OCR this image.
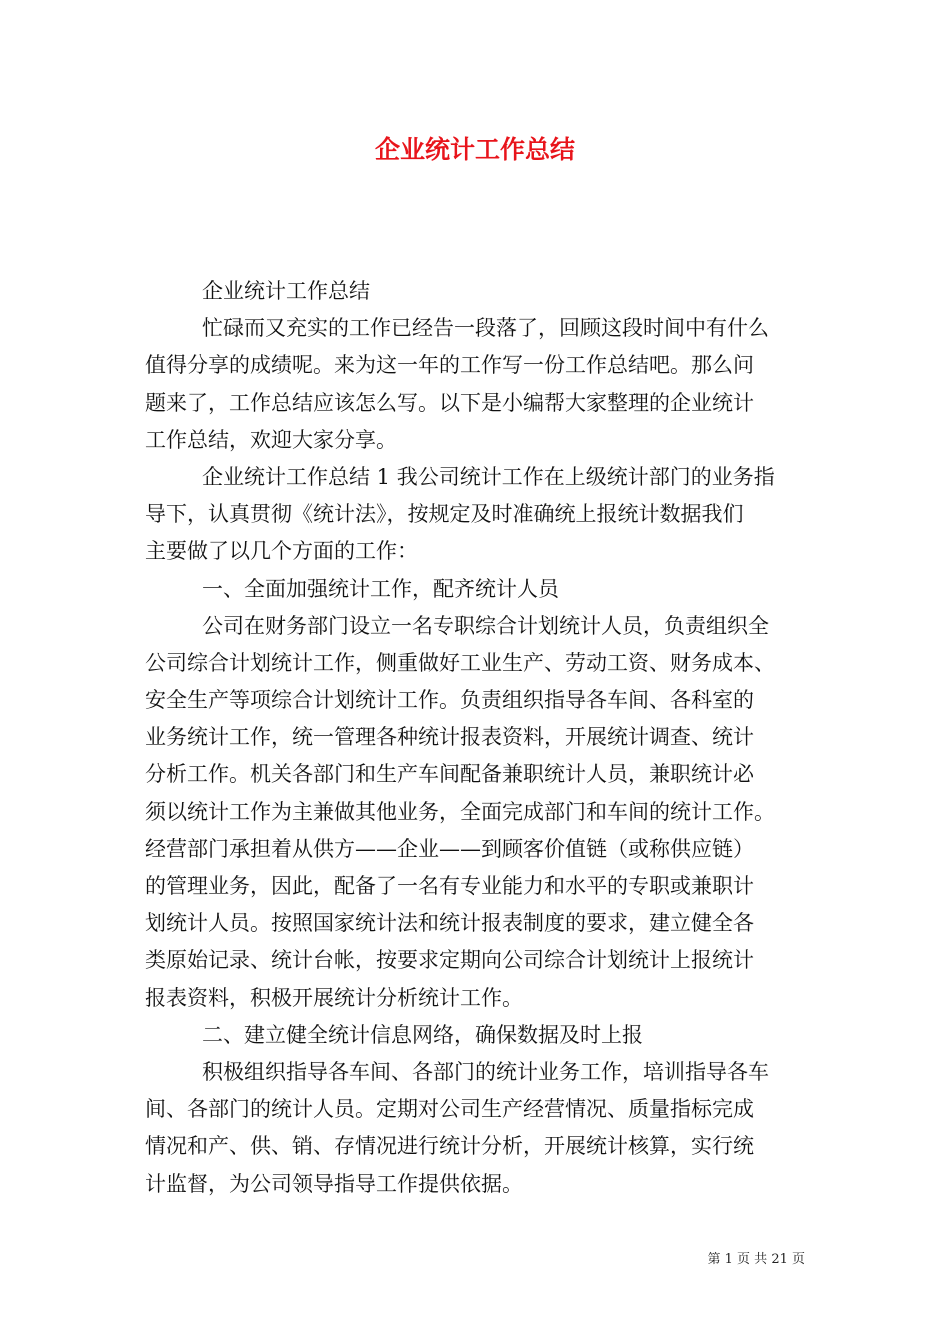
企业统计工作总结
企业统计工作总结
忙碌而又充实的工作已经告一段落了，回顾这段时间中有什么
值得分享的成绩呢。来为这一年的工作写一份工作总结吧。那么问
题来了，工作总结应该怎么写。以下是小编帮大家整理的企业统计
工作总结，欢迎大家分享。
企业统计工作总结 1 我公司统计工作在上级统计部门的业务指
导下，认真贯彻《统计法》，按规定及时准确统上报统计数据我们
主要做了以几个方面的工作：
一、全面加强统计工作，配齐统计人员
公司在财务部门设立一名专职综合计划统计人员，负责组织全
公司综合计划统计工作，侧重做好工业生产、劳动工资、财务成本、
安全生产等项综合计划统计工作。负责组织指导各车间、各科室的
业务统计工作，统一管理各种统计报表资料，开展统计调查、统计
分析工作。机关各部门和生产车间配备兼职统计人员，兼职统计必
须以统计工作为主兼做其他业务，全面完成部门和车间的统计工作。
经营部门承担着从供方——企业——到顾客价值链（或称供应链）
的管理业务，因此，配备了一名有专业能力和水平的专职或兼职计
划统计人员。按照国家统计法和统计报表制度的要求，建立健全各
类原始记录、统计台帐，按要求定期向公司综合计划统计上报统计
报表资料，积极开展统计分析统计工作。
二、建立健全统计信息网络，确保数据及时上报
积极组织指导各车间、各部门的统计业务工作，培训指导各车
间、各部门的统计人员。定期对公司生产经营情况、质量指标完成
情况和产、供、销、存情况进行统计分析，开展统计核算，实行统
计监督，为公司领导指导工作提供依据。
第 1 页 共 21 页
